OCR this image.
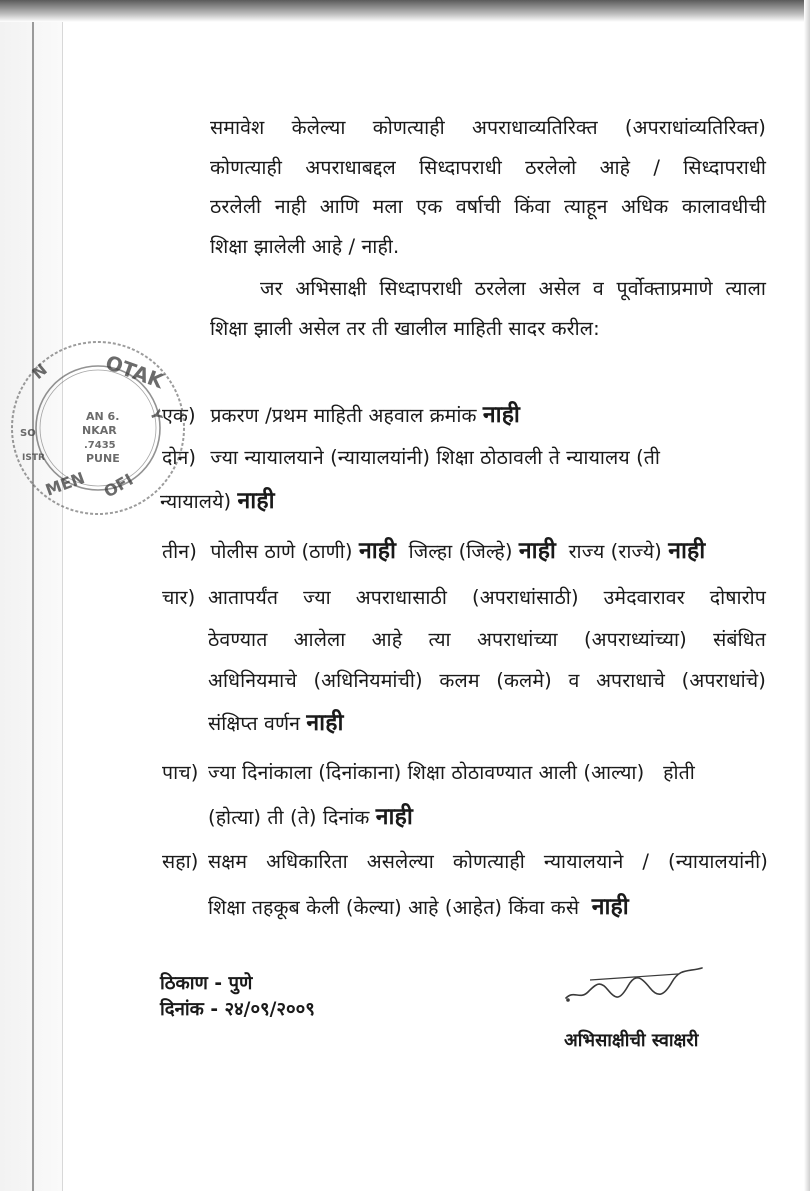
समावेश केलेल्या कोणत्याही अपराधाव्यतिरिक्त (अपराधांव्यतिरिक्त)
कोणत्याही अपराधाबद्दल सिध्दापराधी ठरलेलो आहे / सिध्दापराधी
ठरलेली नाही आणि मला एक वर्षाची किंवा त्याहून अधिक कालावधीची
शिक्षा झालेली आहे / नाही.
जर अभिसाक्षी सिध्दापराधी ठरलेला असेल व पूर्वोक्ताप्रमाणे त्याला
शिक्षा झाली असेल तर ती खालील माहिती सादर करील:
एक) प्रकरण /प्रथम माहिती अहवाल क्रमांक नाही
दोन) ज्या न्यायालयाने (न्यायालयांनी) शिक्षा ठोठावली ते न्यायालय (ती
न्यायालये) नाही
तीन) पोलीस ठाणे (ठाणी) नाही जिल्हा (जिल्हे) नाही राज्य (राज्ये) नाही
चार) आतापर्यंत ज्या अपराधासाठी (अपराधांसाठी) उमेदवारावर दोषारोप
ठेवण्यात आलेला आहे त्या अपराधांच्या (अपराध्यांच्या) संबंधित
अधिनियमाचे (अधिनियमांची) कलम (कलमे) व अपराधाचे (अपराधांचे)
संक्षिप्त वर्णन नाही
पाच) ज्या दिनांकाला (दिनांकाना) शिक्षा ठोठावण्यात आली (आल्या)   होती
(होत्या) ती (ते) दिनांक नाही
सहा) सक्षम अधिकारिता असलेल्या कोणत्याही न्यायालयाने / (न्यायालयांनी)
शिक्षा तहकूब केली (केल्या) आहे (आहेत) किंवा कसे नाही
ठिकाण - पुणे
दिनांक - २४/०९/२००९
अभिसाक्षीची स्वाक्षरी
OTAK
N
Y
SO
AN 6.
NKAR
.7435
PUNE
ISTR
MEN OFI
